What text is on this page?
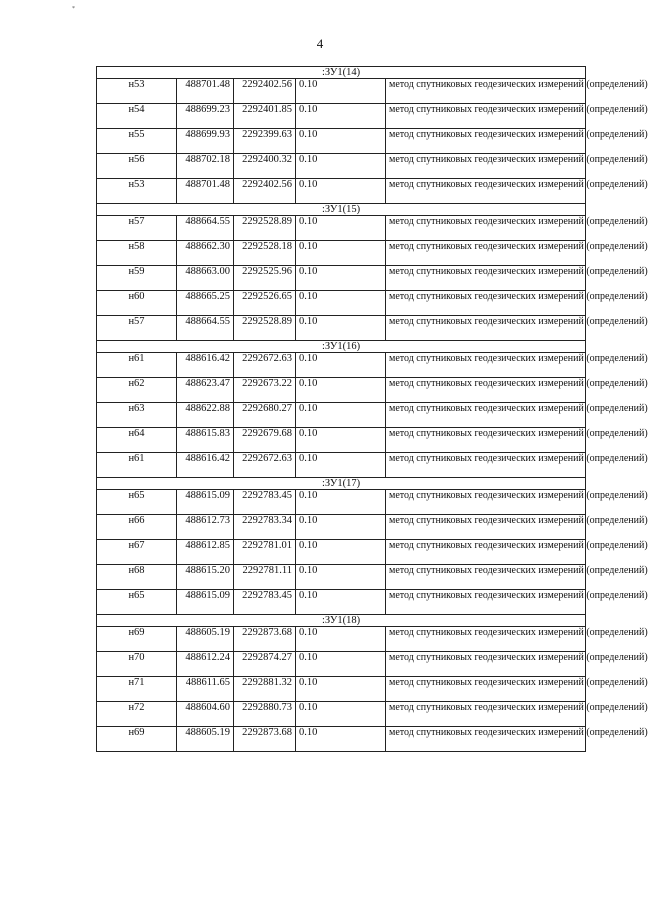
*
4
:ЗУ1(14)				
н53	488701.48	2292402.56	0.10	метод спутниковых геодезических измерений (определений)
н54	488699.23	2292401.85	0.10	метод спутниковых геодезических измерений (определений)
н55	488699.93	2292399.63	0.10	метод спутниковых геодезических измерений (определений)
н56	488702.18	2292400.32	0.10	метод спутниковых геодезических измерений (определений)
н53	488701.48	2292402.56	0.10	метод спутниковых геодезических измерений (определений)
:ЗУ1(15)				
н57	488664.55	2292528.89	0.10	метод спутниковых геодезических измерений (определений)
н58	488662.30	2292528.18	0.10	метод спутниковых геодезических измерений (определений)
н59	488663.00	2292525.96	0.10	метод спутниковых геодезических измерений (определений)
н60	488665.25	2292526.65	0.10	метод спутниковых геодезических измерений (определений)
н57	488664.55	2292528.89	0.10	метод спутниковых геодезических измерений (определений)
:ЗУ1(16)				
н61	488616.42	2292672.63	0.10	метод спутниковых геодезических измерений (определений)
н62	488623.47	2292673.22	0.10	метод спутниковых геодезических измерений (определений)
н63	488622.88	2292680.27	0.10	метод спутниковых геодезических измерений (определений)
н64	488615.83	2292679.68	0.10	метод спутниковых геодезических измерений (определений)
н61	488616.42	2292672.63	0.10	метод спутниковых геодезических измерений (определений)
:ЗУ1(17)				
н65	488615.09	2292783.45	0.10	метод спутниковых геодезических измерений (определений)
н66	488612.73	2292783.34	0.10	метод спутниковых геодезических измерений (определений)
н67	488612.85	2292781.01	0.10	метод спутниковых геодезических измерений (определений)
н68	488615.20	2292781.11	0.10	метод спутниковых геодезических измерений (определений)
н65	488615.09	2292783.45	0.10	метод спутниковых геодезических измерений (определений)
:ЗУ1(18)				
н69	488605.19	2292873.68	0.10	метод спутниковых геодезических измерений (определений)
н70	488612.24	2292874.27	0.10	метод спутниковых геодезических измерений (определений)
н71	488611.65	2292881.32	0.10	метод спутниковых геодезических измерений (определений)
н72	488604.60	2292880.73	0.10	метод спутниковых геодезических измерений (определений)
н69	488605.19	2292873.68	0.10	метод спутниковых геодезических измерений (определений)
